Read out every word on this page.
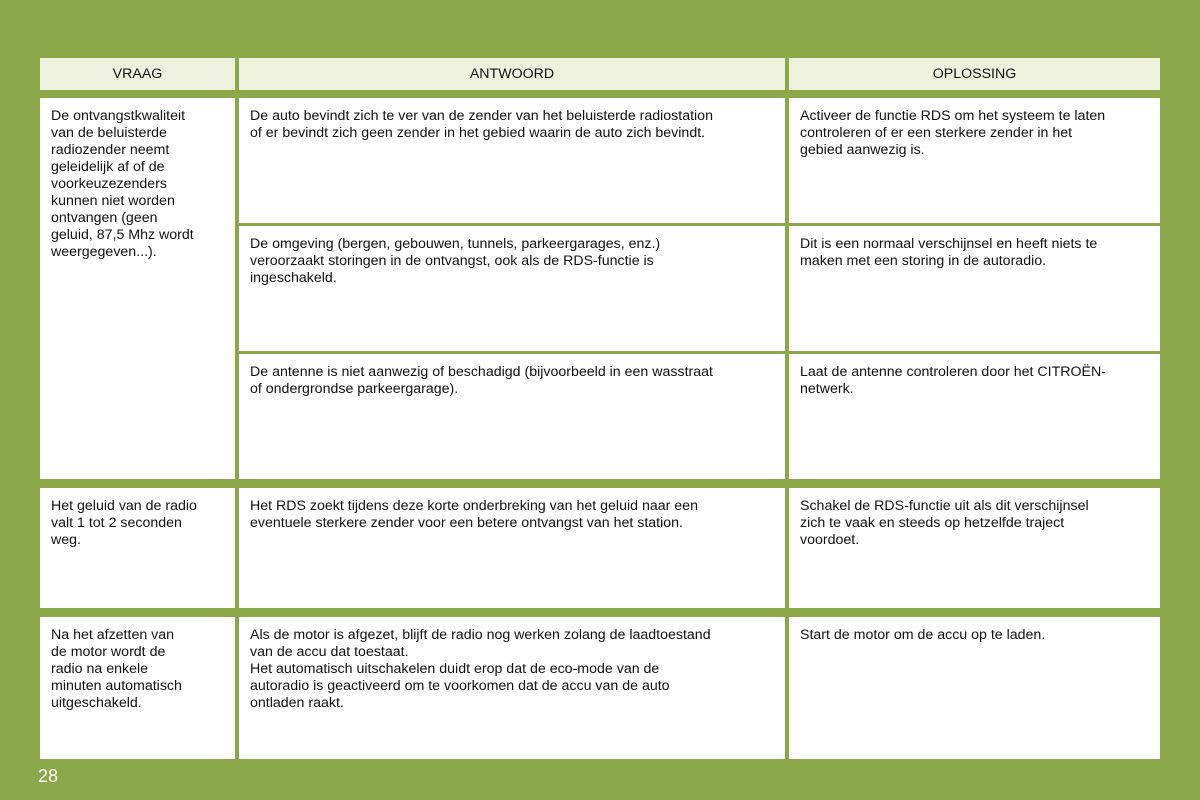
VRAAG	ANTWOORD	OPLOSSING
De ontvangstkwaliteit
van de beluisterde
radiozender neemt
geleidelijk af of de
voorkeuzezenders
kunnen niet worden
ontvangen (geen
geluid, 87,5 Mhz wordt
weergegeven...).
De auto bevindt zich te ver van de zender van het beluisterde radiostation
of er bevindt zich geen zender in het gebied waarin de auto zich bevindt.
Activeer de functie RDS om het systeem te laten
controleren of er een sterkere zender in het
gebied aanwezig is.
De omgeving (bergen, gebouwen, tunnels, parkeergarages, enz.)
veroorzaakt storingen in de ontvangst, ook als de RDS-functie is
ingeschakeld.
Dit is een normaal verschijnsel en heeft niets te
maken met een storing in de autoradio.
De antenne is niet aanwezig of beschadigd (bijvoorbeeld in een wasstraat
of ondergrondse parkeergarage).
Laat de antenne controleren door het CITROËN-
netwerk.
Het geluid van de radio
valt 1 tot 2 seconden
weg.
Het RDS zoekt tijdens deze korte onderbreking van het geluid naar een
eventuele sterkere zender voor een betere ontvangst van het station.
Schakel de RDS-functie uit als dit verschijnsel
zich te vaak en steeds op hetzelfde traject
voordoet.
Na het afzetten van
de motor wordt de
radio na enkele
minuten automatisch
uitgeschakeld.
Als de motor is afgezet, blijft de radio nog werken zolang de laadtoestand
van de accu dat toestaat.
Het automatisch uitschakelen duidt erop dat de eco-mode van de
autoradio is geactiveerd om te voorkomen dat de accu van de auto
ontladen raakt.
Start de motor om de accu op te laden.
28
